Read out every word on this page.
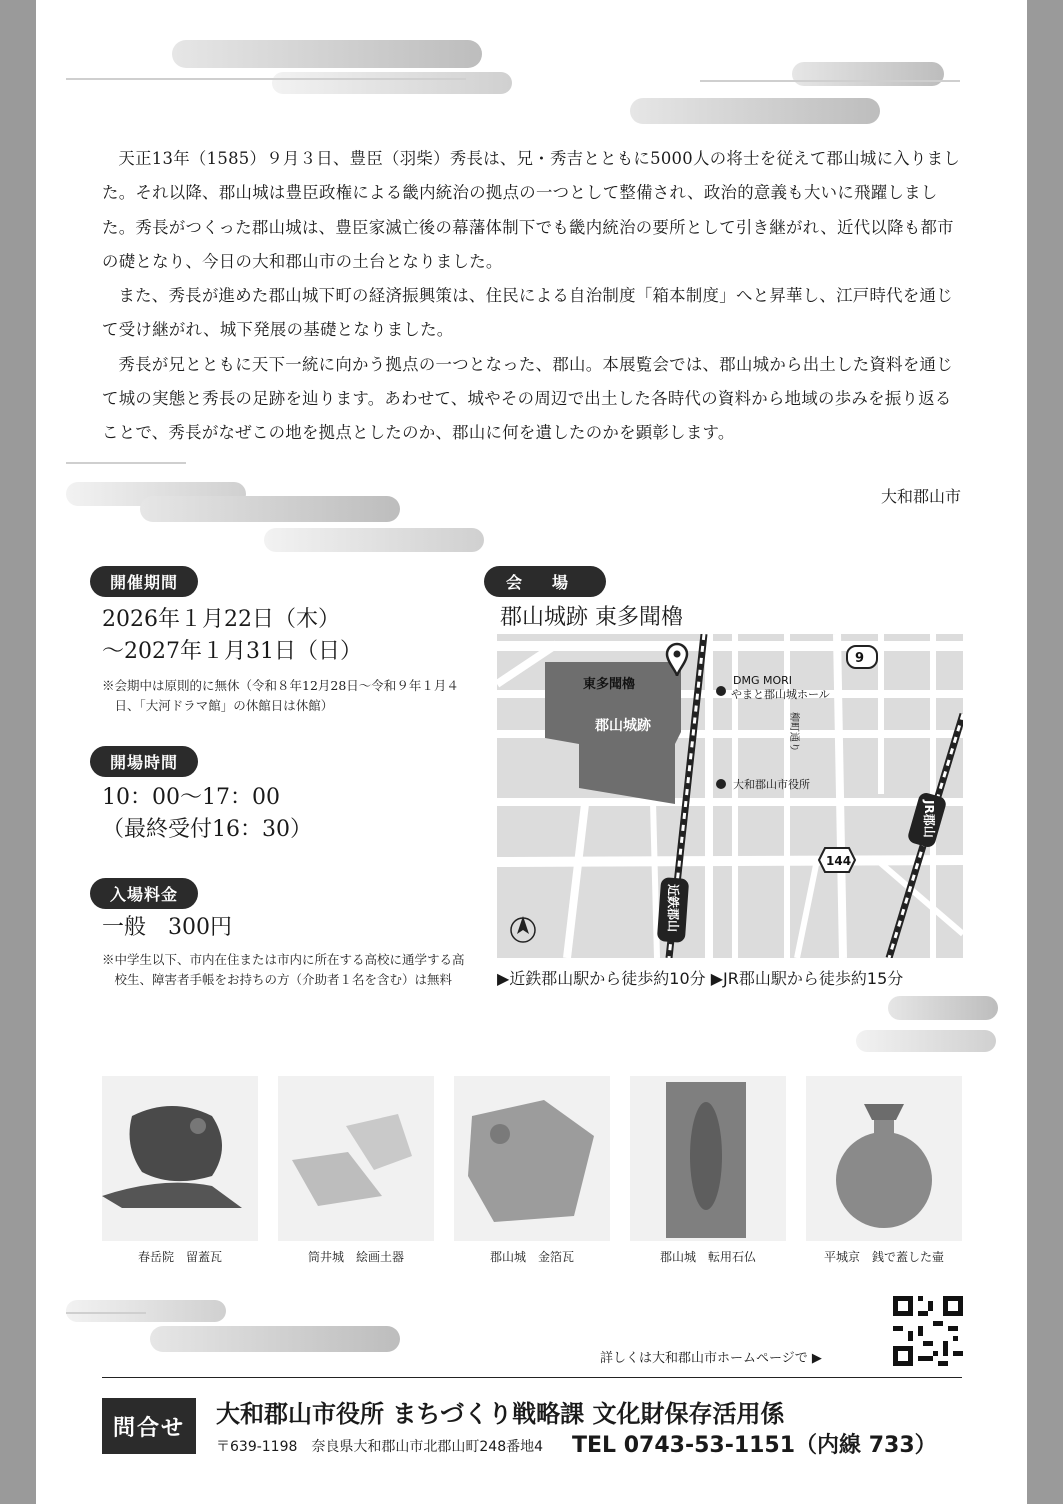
天正13年（1585）９月３日、豊臣（羽柴）秀長は、兄・秀吉とともに5000人の将士を従えて郡山城に入りました。それ以降、郡山城は豊臣政権による畿内統治の拠点の一つとして整備され、政治的意義も大いに飛躍しました。秀長がつくった郡山城は、豊臣家滅亡後の幕藩体制下でも畿内統治の要所として引き継がれ、近代以降も都市の礎となり、今日の大和郡山市の土台となりました。

また、秀長が進めた郡山城下町の経済振興策は、住民による自治制度「箱本制度」へと昇華し、江戸時代を通じて受け継がれ、城下発展の基礎となりました。

秀長が兄とともに天下一統に向かう拠点の一つとなった、郡山。本展覧会では、郡山城から出土した資料を通じて城の実態と秀長の足跡を辿ります。あわせて、城やその周辺で出土した各時代の資料から地域の歩みを振り返ることで、秀長がなぜこの地を拠点としたのか、郡山に何を遺したのかを顕彰します。

大和郡山市
開催期間
2026年１月22日（木）
～2027年１月31日（日）
※会期中は原則的に無休（令和８年12月28日～令和９年１月４日、「大河ドラマ館」の休館日は休館）
開場時間
10：00～17：00
（最終受付16：30）
入場料金
一般　300円
※中学生以下、市内在住または市内に所在する高校に通学する高校生、障害者手帳をお持ちの方（介助者１名を含む）は無料
会場
郡山城跡 東多聞櫓
東多聞櫓
郡山城跡
DMG MORI
やまと郡山城ホール
大和郡山市役所
9
144
柳町通り
JR郡山
近鉄郡山
▶近鉄郡山駅から徒歩約10分 ▶JR郡山駅から徒歩約15分
春岳院　留蓋瓦	筒井城　絵画土器	郡山城　金箔瓦	郡山城　転用石仏	平城京　銭で蓋した壷
詳しくは大和郡山市ホームページで ▶
問合せ	大和郡山市役所 まちづくり戦略課 文化財保存活用係
〒639-1198　奈良県大和郡山市北郡山町248番地4 TEL 0743-53-1151（内線 733）
